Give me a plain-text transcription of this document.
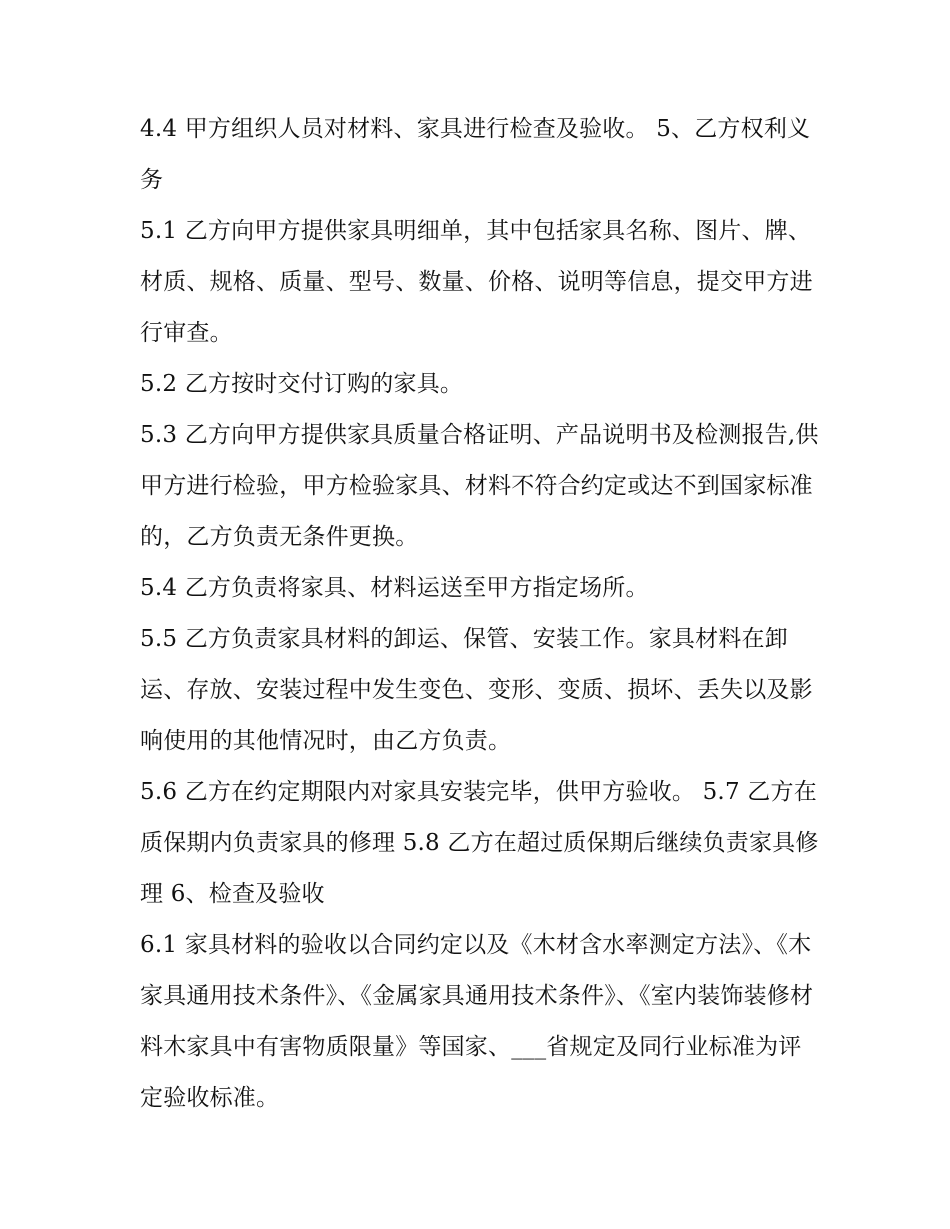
4.4 甲方组织人员对材料、家具进行检查及验收。 5、乙方权利义务

5.1 乙方向甲方提供家具明细单，其中包括家具名称、图片、牌、材质、规格、质量、型号、数量、价格、说明等信息，提交甲方进行审查。

5.2 乙方按时交付订购的家具。

5.3 乙方向甲方提供家具质量合格证明、产品说明书及检测报告,供甲方进行检验，甲方检验家具、材料不符合约定或达不到国家标准的，乙方负责无条件更换。

5.4 乙方负责将家具、材料运送至甲方指定场所。

5.5 乙方负责家具材料的卸运、保管、安装工作。家具材料在卸运、存放、安装过程中发生变色、变形、变质、损坏、丢失以及影响使用的其他情况时，由乙方负责。

5.6 乙方在约定期限内对家具安装完毕，供甲方验收。 5.7 乙方在质保期内负责家具的修理 5.8 乙方在超过质保期后继续负责家具修理 6、检查及验收

6.1 家具材料的验收以合同约定以及《木材含水率测定方法》、《木家具通用技术条件》、《金属家具通用技术条件》、《室内装饰装修材料木家具中有害物质限量》等国家、___省规定及同行业标准为评定验收标准。
